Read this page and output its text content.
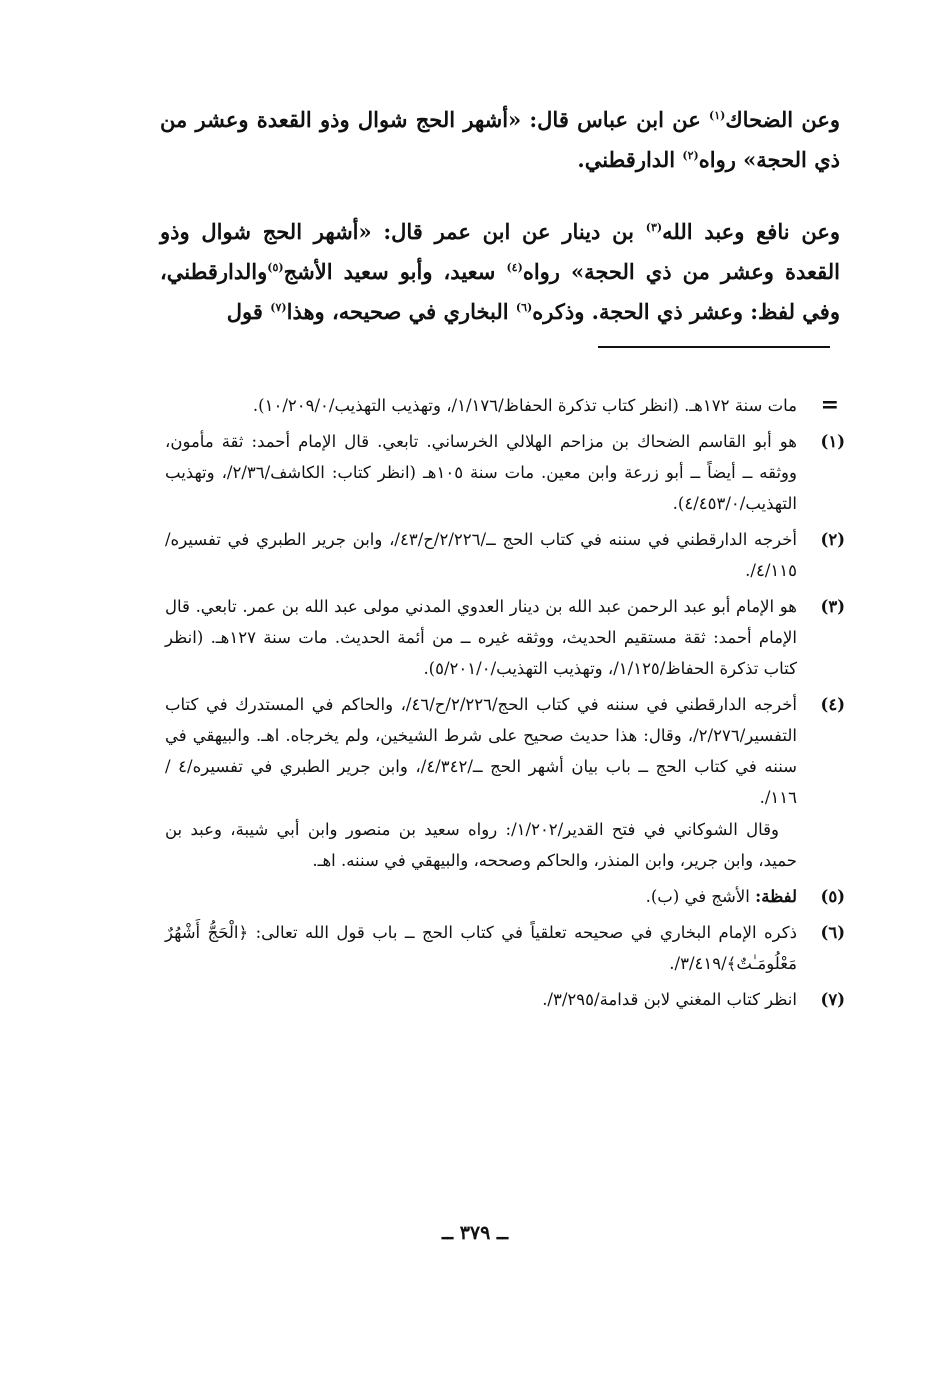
وعن الضحاك$^{(١)}$ عن ابن عباس قال: «أشهر الحج شوال وذو القعدة وعشر من ذي الحجة» رواه$^{(٢)}$ الدارقطني.

وعن نافع وعبد الله$^{(٣)}$ بن دينار عن ابن عمر قال: «أشهر الحج شوال وذو القعدة وعشر من ذي الحجة» رواه$^{(٤)}$ سعيد، وأبو سعيد الأشج$^{(٥)}$والدارقطني، وفي لفظ: وعشر ذي الحجة. وذكره$^{(٦)}$ البخاري في صحيحه، وهذا$^{(٧)}$ قول

=
مات سنة ١٧٢هـ. (انظر كتاب تذكرة الحفاظ/١/١٧٦/، وتهذيب التهذيب/١٠/٢٠٩/٠).
(١)
هو أبو القاسم الضحاك بن مزاحم الهلالي الخرساني. تابعي. قال الإمام أحمد: ثقة مأمون، ووثقه ــ أيضاً ــ أبو زرعة وابن معين. مات سنة ١٠٥هـ (انظر كتاب: الكاشف/٢/٣٦/، وتهذيب التهذيب/٤/٤٥٣/٠).
(٢)
أخرجه الدارقطني في سننه في كتاب الحج ــ/٢/٢٢٦/ح/٤٣/، وابن جرير الطبري في تفسيره/٤/١١٥/.
(٣)
هو الإمام أبو عبد الرحمن عبد الله بن دينار العدوي المدني مولى عبد الله بن عمر. تابعي. قال الإمام أحمد: ثقة مستقيم الحديث، ووثقه غيره ــ من أئمة الحديث. مات سنة ١٢٧هـ. (انظر كتاب تذكرة الحفاظ/١/١٢٥/، وتهذيب التهذيب/٥/٢٠١/٠).
(٤)
أخرجه الدارقطني في سننه في كتاب الحج/٢/٢٢٦/ح/٤٦/، والحاكم في المستدرك في كتاب التفسير/٢/٢٧٦/، وقال: هذا حديث صحيح على شرط الشيخين، ولم يخرجاه. اهـ. والبيهقي في سننه في كتاب الحج ــ باب بيان أشهر الحج ــ/٤/٣٤٢/، وابن جرير الطبري في تفسيره/٤ /١١٦/.
وقال الشوكاني في فتح القدير/١/٢٠٢/: رواه سعيد بن منصور وابن أبي شيبة، وعبد بن حميد، وابن جرير، وابن المنذر، والحاكم وصححه، والبيهقي في سننه. اهـ.
(٥)
لفظة: الأشج في (ب).
(٦)
ذكره الإمام البخاري في صحيحه تعلقياً في كتاب الحج ــ باب قول الله تعالى: ﴿الْحَجُّ أَشْهُرٌ مَعْلُومَـٰتٌ﴾/٣/٤١٩/.
(٧)
انظر كتاب المغني لابن قدامة/٣/٢٩٥/.
ــ ٣٧٩ ــ
